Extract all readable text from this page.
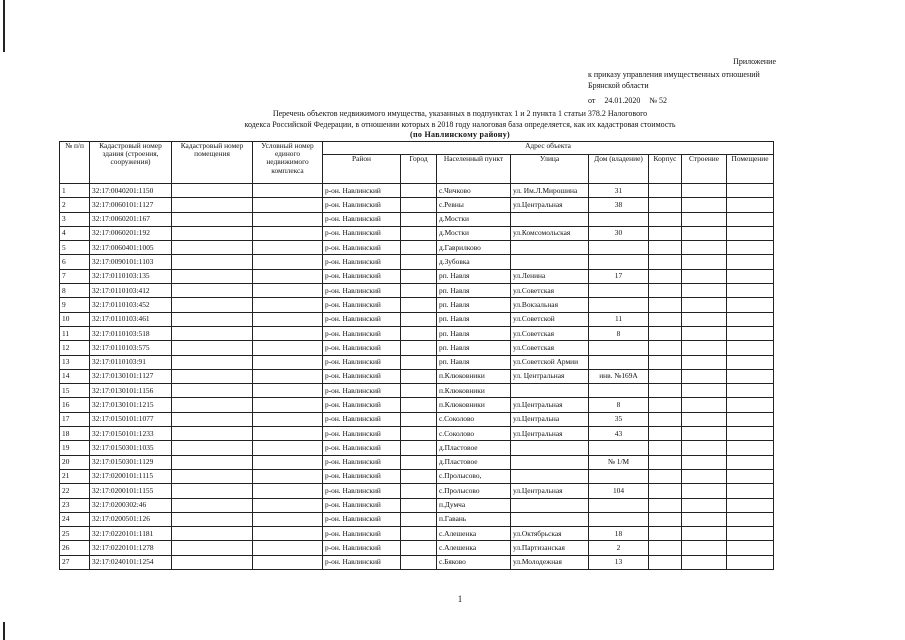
Приложение
к приказу управления имущественных отношений Брянской области
от 24.01.2020 № 52
Перечень объектов недвижимого имущества, указанных в подпунктах 1 и 2 пункта 1 статьи 378.2 Налогового
кодекса Российской Федерации, в отношении которых в 2018 году налоговая база определяется, как их кадастровая стоимость
(по Навлинскому району)
№ п/п	Кадастровый номер здания (строения, сооружения)	Кадастровый номер помещения	Условный номер единого недвижимого комплекса	Адрес объекта							
				Район	Город	Населенный пункт	Улица	Дом (владение)	Корпус	Строение	Помещение
1	32:17:0040201:1150			р-он. Навлинский		с.Чичково	ул. Им.Л.Мирошина	31			
2	32:17:0060101:1127			р-он. Навлинский		с.Ревны	ул.Центральная	38			
3	32:17:0060201:167			р-он. Навлинский		д.Мостки					
4	32:17:0060201:192			р-он. Навлинский		д.Мостки	ул.Комсомольская	30			
5	32:17:0060401:1005			р-он. Навлинский		д.Гаврилково					
6	32:17:0090101:1103			р-он. Навлинский		д.Зубовка					
7	32:17:0110103:135			р-он. Навлинский		рп. Навля	ул.Ленина	17			
8	32:17:0110103:412			р-он. Навлинский		рп. Навля	ул.Советская				
9	32:17:0110103:452			р-он. Навлинский		рп. Навля	ул.Вокзальная				
10	32:17:0110103:461			р-он. Навлинский		рп. Навля	ул.Советской	11			
11	32:17:0110103:518			р-он. Навлинский		рп. Навля	ул.Советская	8			
12	32:17:0110103:575			р-он. Навлинский		рп. Навля	ул.Советская				
13	32:17:0110103:91			р-он. Навлинский		рп. Навля	ул.Советской Армии				
14	32:17:0130101:1127			р-он. Навлинский		п.Клюковники	ул. Центральная	инв. №169А			
15	32:17:0130101:1156			р-он. Навлинский		п.Клюковники					
16	32:17:0130101:1215			р-он. Навлинский		п.Клюковники	ул.Центральная	8			
17	32:17:0150101:1077			р-он. Навлинский		с.Соколово	ул.Центральна	35			
18	32:17:0150101:1233			р-он. Навлинский		с.Соколово	ул.Центральная	43			
19	32:17:0150301:1035			р-он. Навлинский		д.Пластовое					
20	32:17:0150301:1129			р-он. Навлинский		д.Пластовое		№ 1/М			
21	32:17:0200101:1115			р-он. Навлинский		с.Пролысово,					
22	32:17:0200101:1155			р-он. Навлинский		с.Пролысово	ул.Центральная	104			
23	32:17:0200302:46			р-он. Навлинский		п.Думча					
24	32:17:0200501:126			р-он. Навлинский		п.Гавань					
25	32:17:0220101:1181			р-он. Навлинский		с.Алешенка	ул.Октябрьская	18			
26	32:17:0220101:1278			р-он. Навлинский		с.Алешенка	ул.Партизанская	2			
27	32:17:0240101:1254			р-он. Навлинский		с.Бяково	ул.Молодежная	13			
1
